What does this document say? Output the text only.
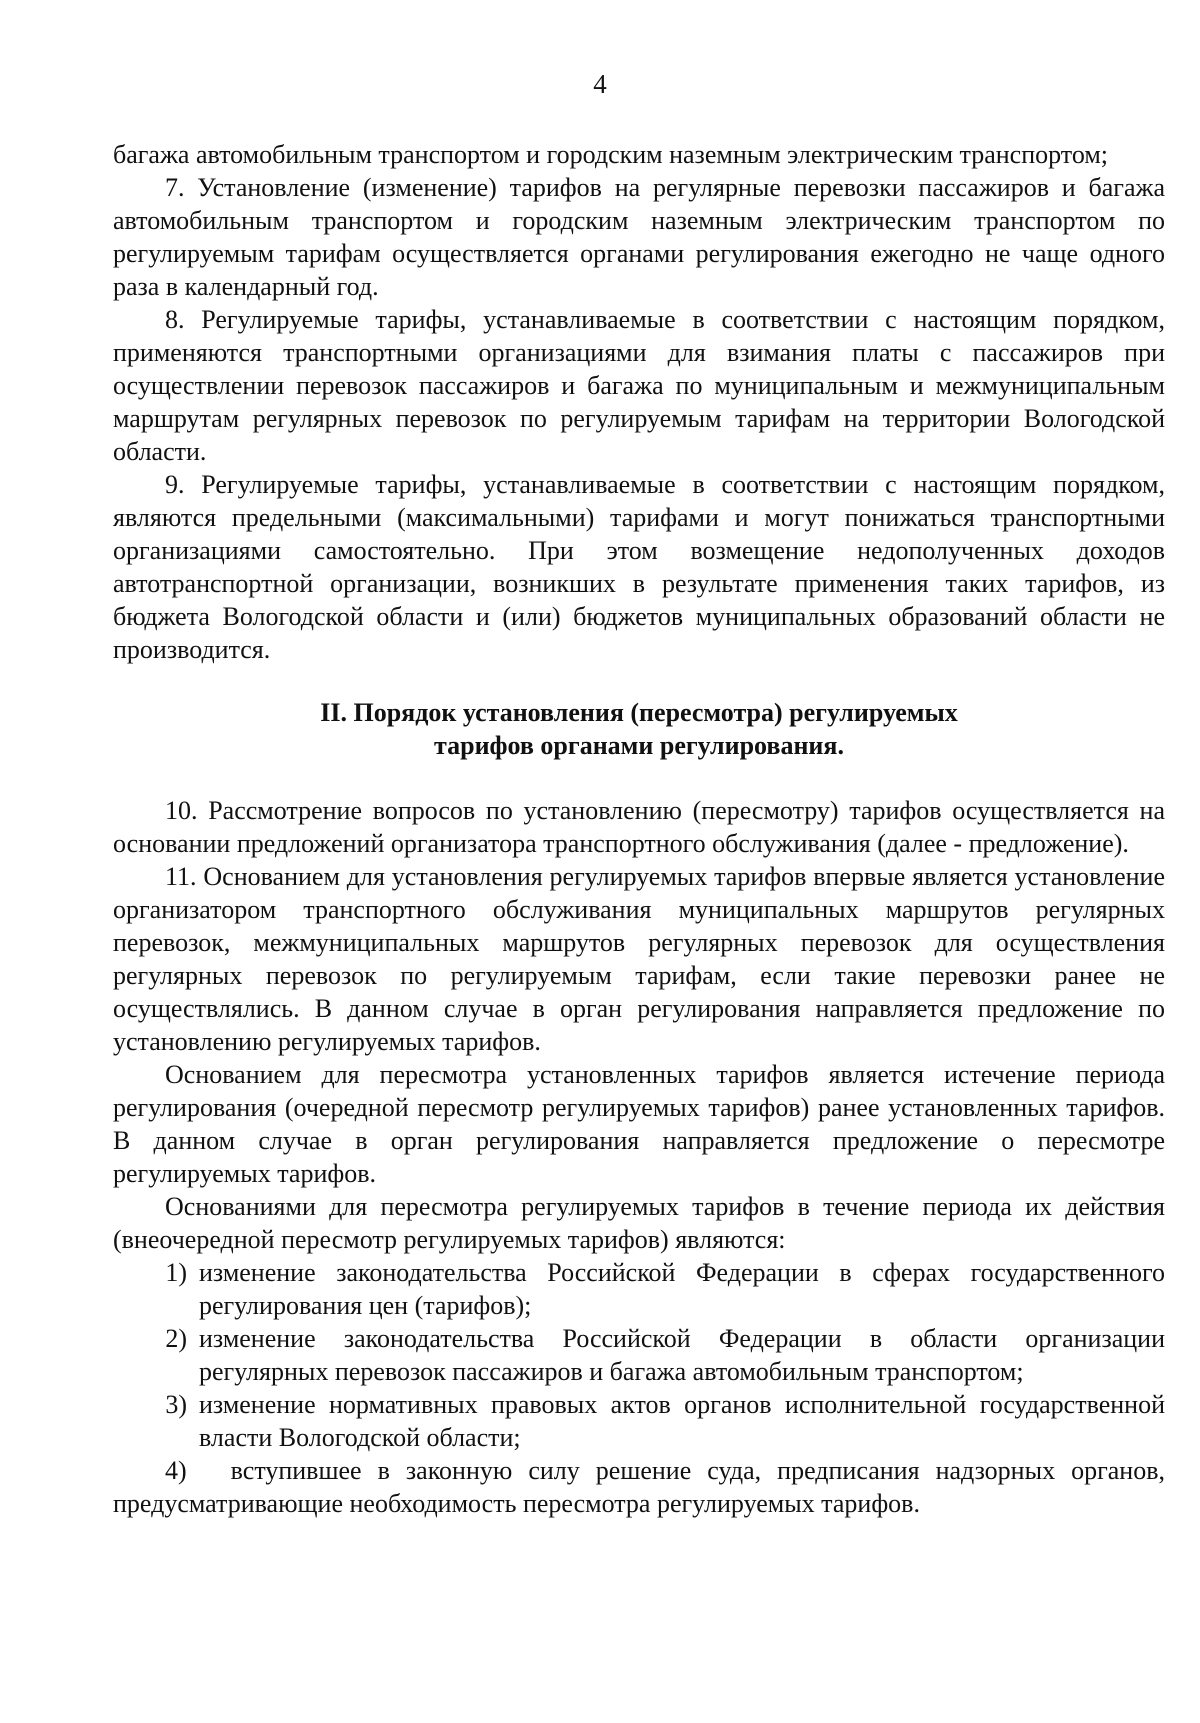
4

багажа автомобильным транспортом и городским наземным электрическим транспортом;

7. Установление (изменение) тарифов на регулярные перевозки пассажиров и багажа автомобильным транспортом и городским наземным электрическим транспортом по регулируемым тарифам осуществляется органами регулирования ежегодно не чаще одного раза в календарный год.

8. Регулируемые тарифы, устанавливаемые в соответствии с настоящим порядком, применяются транспортными организациями для взимания платы с пассажиров при осуществлении перевозок пассажиров и багажа по муниципальным и межмуниципальным маршрутам регулярных перевозок по регулируемым тарифам на территории Вологодской области.

9. Регулируемые тарифы, устанавливаемые в соответствии с настоящим порядком, являются предельными (максимальными) тарифами и могут понижаться транспортными организациями самостоятельно. При этом возмещение недополученных доходов автотранспортной организации, возникших в результате применения таких тарифов, из бюджета Вологодской области и (или) бюджетов муниципальных образований области не производится.

II. Порядок установления (пересмотра) регулируемых
тарифов органами регулирования.

10. Рассмотрение вопросов по установлению (пересмотру) тарифов осуществляется на основании предложений организатора транспортного обслуживания (далее - предложение).

11. Основанием для установления регулируемых тарифов впервые является установление организатором транспортного обслуживания муниципальных маршрутов регулярных перевозок, межмуниципальных маршрутов регулярных перевозок для осуществления регулярных перевозок по регулируемым тарифам, если такие перевозки ранее не осуществлялись. В данном случае в орган регулирования направляется предложение по установлению регулируемых тарифов.

Основанием для пересмотра установленных тарифов является истечение периода регулирования (очередной пересмотр регулируемых тарифов) ранее установленных тарифов. В данном случае в орган регулирования направляется предложение о пересмотре регулируемых тарифов.

Основаниями для пересмотра регулируемых тарифов в течение периода их действия (внеочередной пересмотр регулируемых тарифов) являются:

1) изменение законодательства Российской Федерации в сферах государственного регулирования цен (тарифов);
2) изменение законодательства Российской Федерации в области организации регулярных перевозок пассажиров и багажа автомобильным транспортом;
3) изменение нормативных правовых актов органов исполнительной государственной власти Вологодской области;

4) вступившее в законную силу решение суда, предписания надзорных органов, предусматривающие необходимость пересмотра регулируемых тарифов.
